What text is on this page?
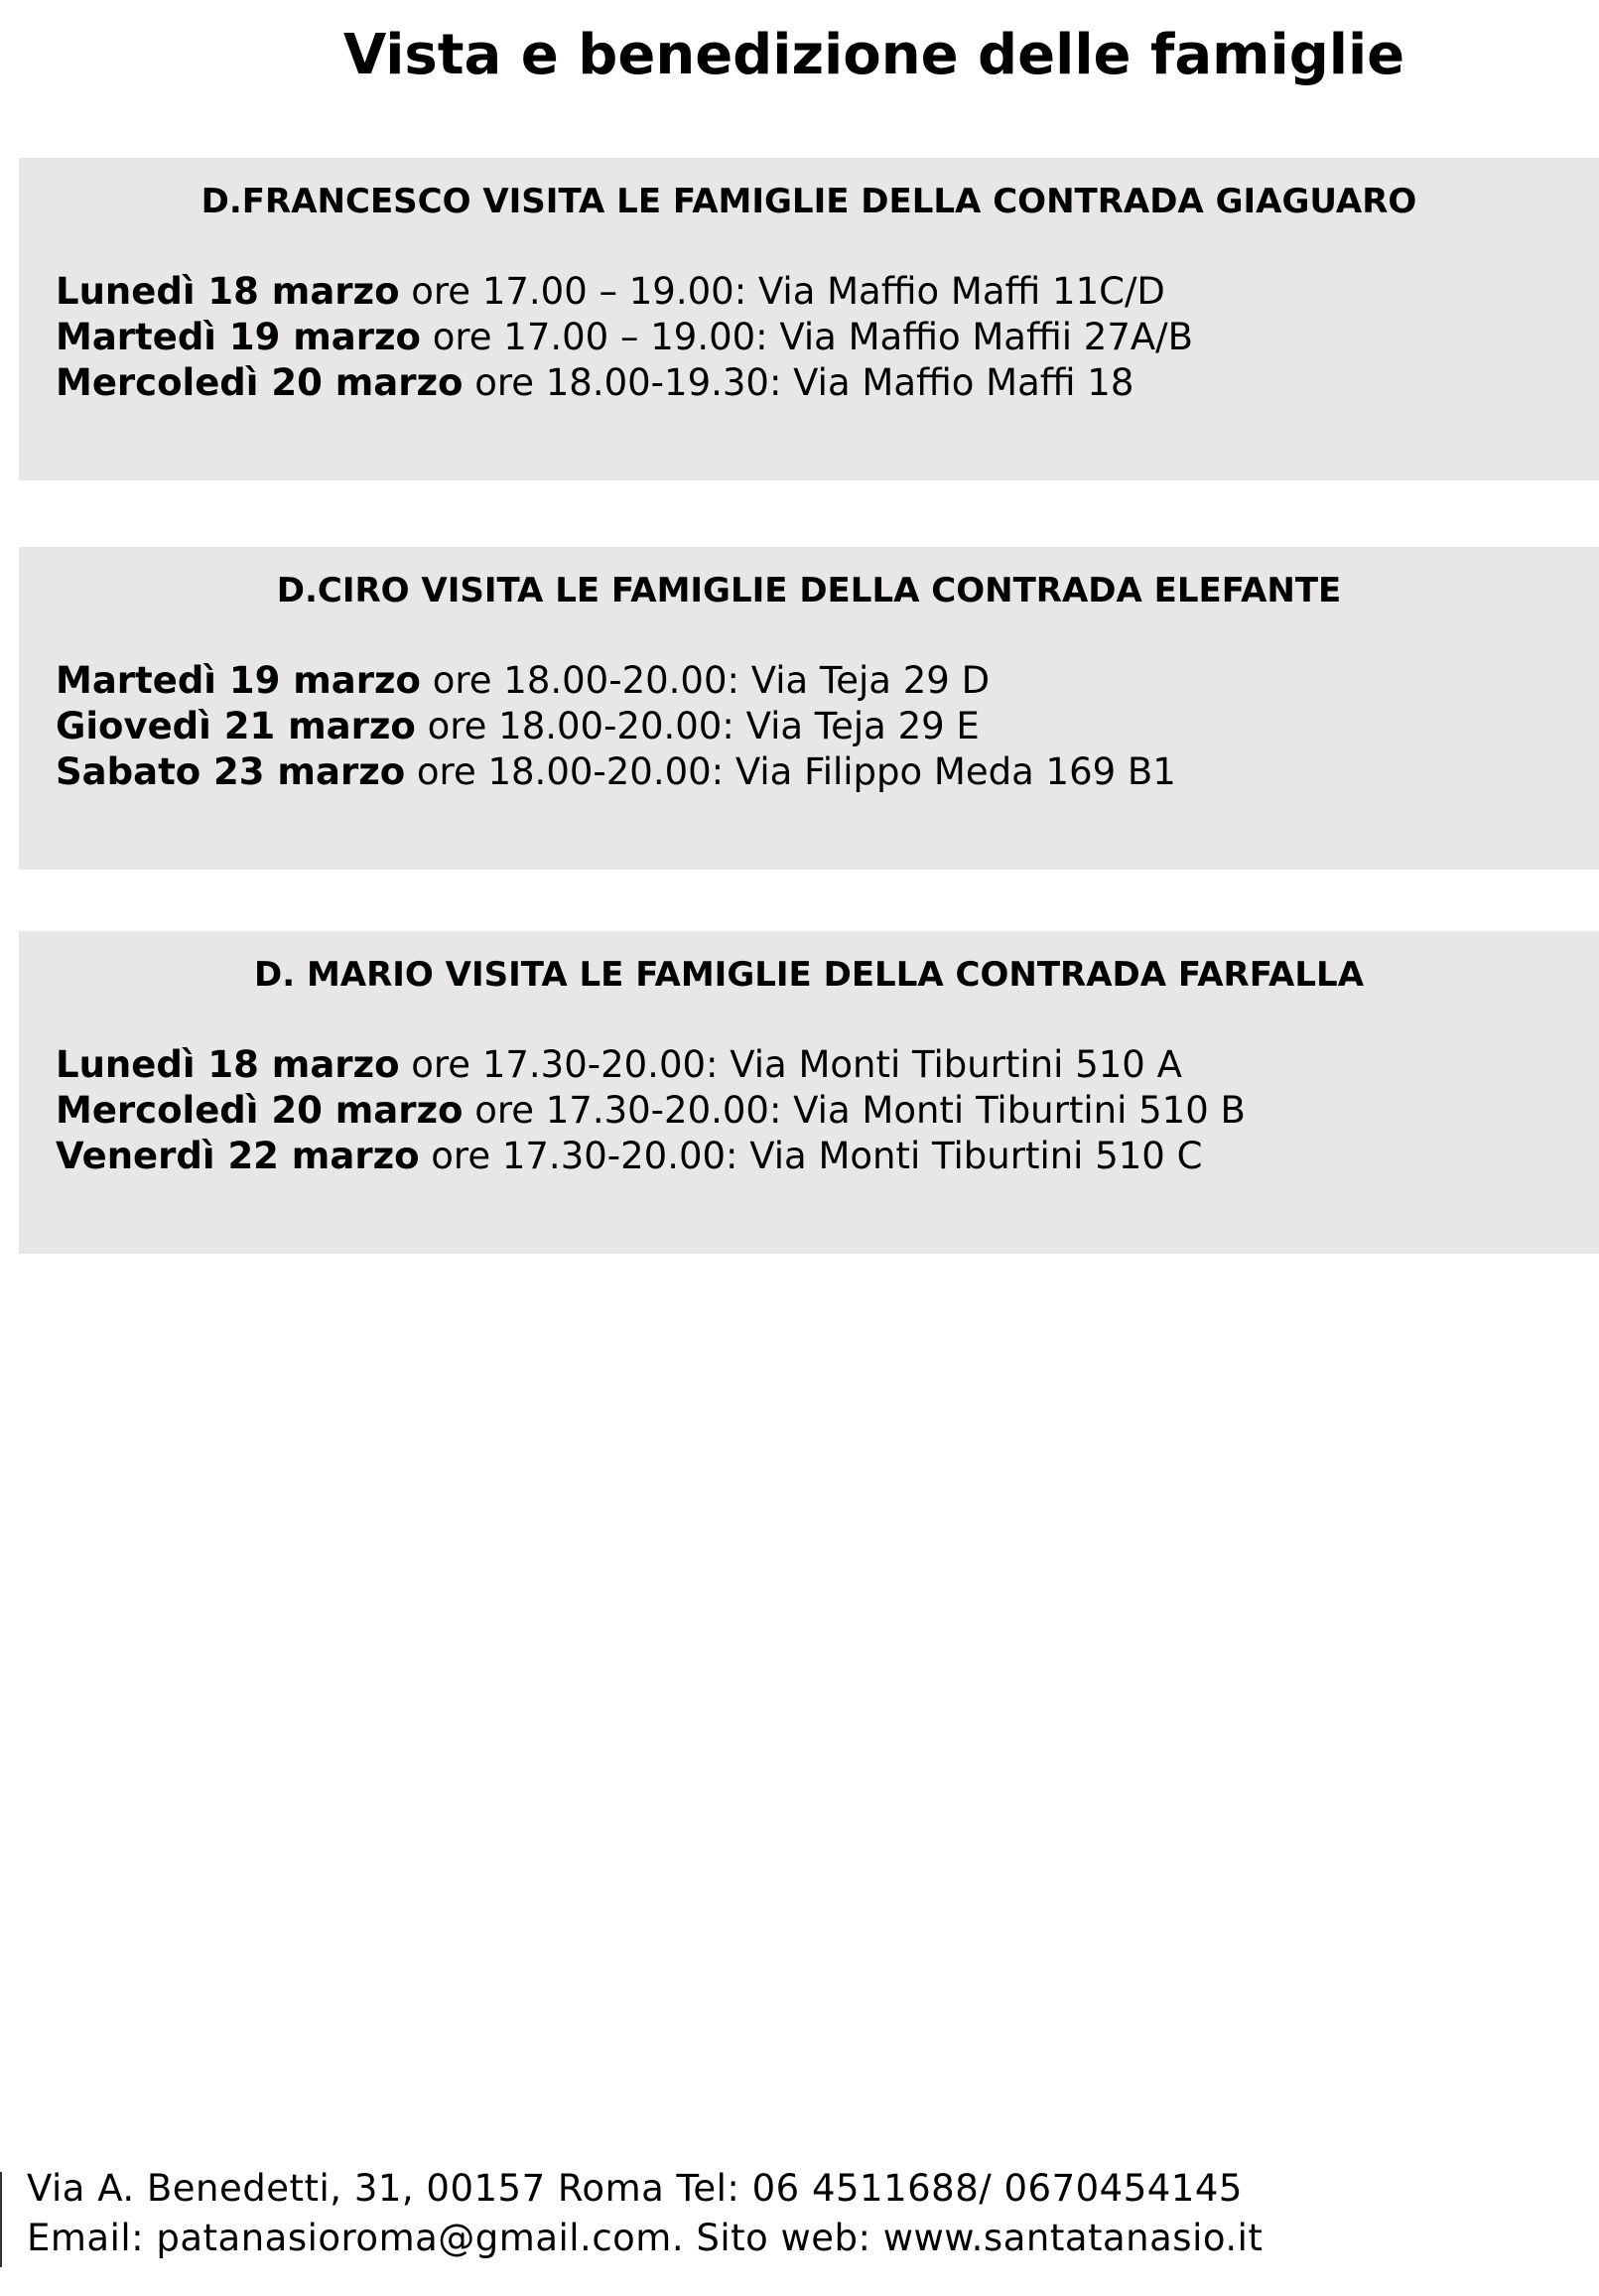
Vista e benedizione delle famiglie
D.FRANCESCO VISITA LE FAMIGLIE DELLA CONTRADA GIAGUARO
Lunedì 18 marzo ore 17.00 – 19.00: Via Maffio Maffi 11C/D
Martedì 19 marzo ore 17.00 – 19.00: Via Maffio Maffii 27A/B
Mercoledì 20 marzo ore 18.00-19.30: Via Maffio Maffi 18
D.CIRO VISITA LE FAMIGLIE DELLA CONTRADA ELEFANTE
Martedì 19 marzo ore 18.00-20.00: Via Teja 29 D
Giovedì 21 marzo ore 18.00-20.00: Via Teja 29 E
Sabato 23 marzo ore 18.00-20.00: Via Filippo Meda 169 B1
D. MARIO VISITA LE FAMIGLIE DELLA CONTRADA FARFALLA
Lunedì 18 marzo ore 17.30-20.00: Via Monti Tiburtini 510 A
Mercoledì 20 marzo ore 17.30-20.00: Via Monti Tiburtini 510 B
Venerdì 22 marzo ore 17.30-20.00: Via Monti Tiburtini 510 C
Via A. Benedetti, 31, 00157 Roma Tel: 06 4511688/ 0670454145
Email: patanasioroma@gmail.com. Sito web: www.santatanasio.it
